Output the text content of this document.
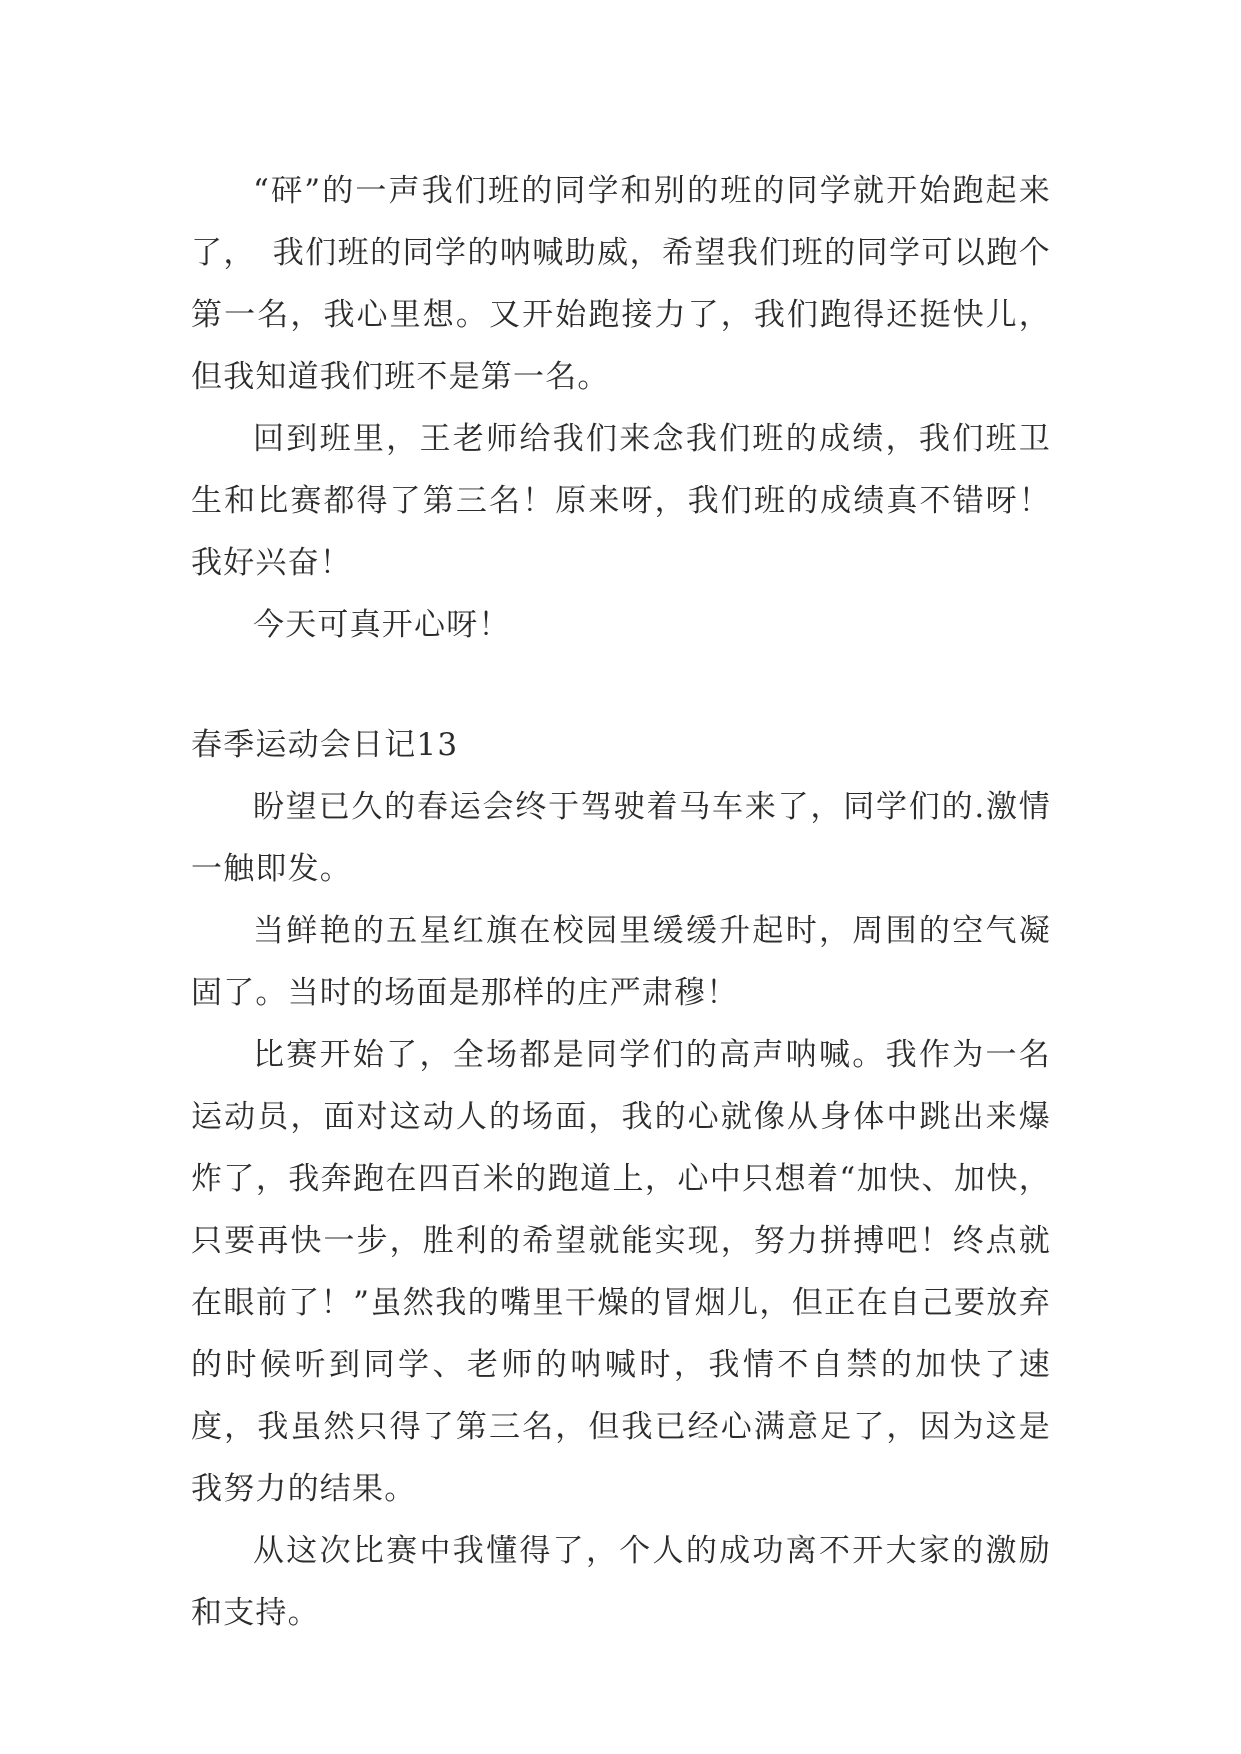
“砰”的一声我们班的同学和别的班的同学就开始跑起来了，　我们班的同学的呐喊助威，希望我们班的同学可以跑个第一名，我心里想。又开始跑接力了，我们跑得还挺快儿，但我知道我们班不是第一名。

回到班里，王老师给我们来念我们班的成绩，我们班卫生和比赛都得了第三名！原来呀，我们班的成绩真不错呀！我好兴奋！

今天可真开心呀！

春季运动会日记13

盼望已久的春运会终于驾驶着马车来了，同学们的.激情一触即发。

当鲜艳的五星红旗在校园里缓缓升起时，周围的空气凝固了。当时的场面是那样的庄严肃穆！

比赛开始了，全场都是同学们的高声呐喊。我作为一名运动员，面对这动人的场面，我的心就像从身体中跳出来爆炸了，我奔跑在四百米的跑道上，心中只想着“加快、加快，只要再快一步，胜利的希望就能实现，努力拼搏吧！终点就在眼前了！”虽然我的嘴里干燥的冒烟儿，但正在自己要放弃的时候听到同学、老师的呐喊时，我情不自禁的加快了速度，我虽然只得了第三名，但我已经心满意足了，因为这是我努力的结果。

从这次比赛中我懂得了，个人的成功离不开大家的激励和支持。
